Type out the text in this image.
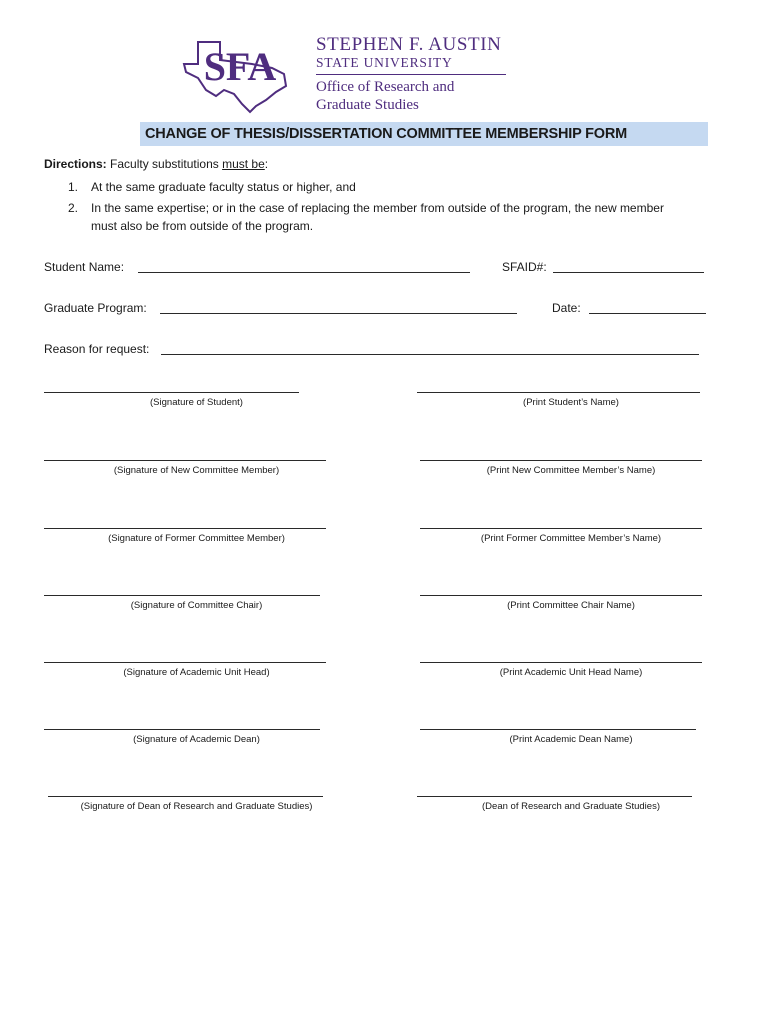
SFA STEPHEN F. AUSTIN
STATE UNIVERSITY
Office of Research and
Graduate Studies
CHANGE OF THESIS/DISSERTATION COMMITTEE MEMBERSHIP FORM
Directions: Faculty substitutions must be:
1. At the same graduate faculty status or higher, and
2. In the same expertise; or in the case of replacing the member from outside of the program, the new member
must also be from outside of the program.
Student Name:	SFAID#:
Graduate Program:	Date:
Reason for request:
(Signature of Student)	(Print Student’s Name)
(Signature of New Committee Member)	(Print New Committee Member’s Name)
(Signature of Former Committee Member)	(Print Former Committee Member’s Name)
(Signature of Committee Chair)	(Print Committee Chair Name)
(Signature of Academic Unit Head)	(Print Academic Unit Head Name)
(Signature of Academic Dean)	(Print Academic Dean Name)
(Signature of Dean of Research and Graduate Studies)	(Dean of Research and Graduate Studies)
